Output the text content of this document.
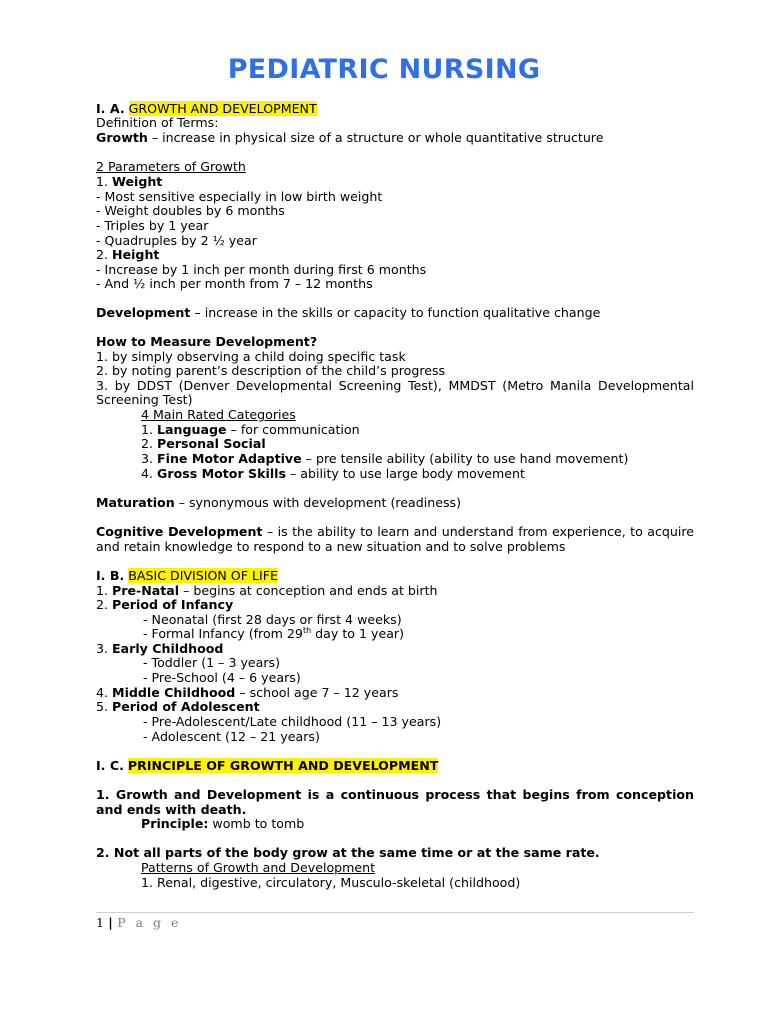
PEDIATRIC NURSING
I. A. GROWTH AND DEVELOPMENT
Definition of Terms:
Growth – increase in physical size of a structure or whole quantitative structure
2 Parameters of Growth
1. Weight
- Most sensitive especially in low birth weight
- Weight doubles by 6 months
- Triples by 1 year
- Quadruples by 2 ½ year
2. Height
- Increase by 1 inch per month during first 6 months
- And ½ inch per month from 7 – 12 months
Development – increase in the skills or capacity to function qualitative change
How to Measure Development?
1. by simply observing a child doing specific task
2. by noting parent’s description of the child’s progress
3. by DDST (Denver Developmental Screening Test), MMDST (Metro Manila Developmental
Screening Test)
4 Main Rated Categories
1. Language – for communication
2. Personal Social
3. Fine Motor Adaptive – pre tensile ability (ability to use hand movement)
4. Gross Motor Skills – ability to use large body movement
Maturation – synonymous with development (readiness)
Cognitive Development – is the ability to learn and understand from experience, to acquire
and retain knowledge to respond to a new situation and to solve problems
I. B. BASIC DIVISION OF LIFE
1. Pre-Natal – begins at conception and ends at birth
2. Period of Infancy
- Neonatal (first 28 days or first 4 weeks)
- Formal Infancy (from 29th day to 1 year)
3. Early Childhood
- Toddler (1 – 3 years)
- Pre-School (4 – 6 years)
4. Middle Childhood – school age 7 – 12 years
5. Period of Adolescent
- Pre-Adolescent/Late childhood (11 – 13 years)
- Adolescent (12 – 21 years)
I. C. PRINCIPLE OF GROWTH AND DEVELOPMENT
1. Growth and Development is a continuous process that begins from conception
and ends with death.
Principle: womb to tomb
2. Not all parts of the body grow at the same time or at the same rate.
Patterns of Growth and Development
1. Renal, digestive, circulatory, Musculo-skeletal (childhood)
1 | P a g e
